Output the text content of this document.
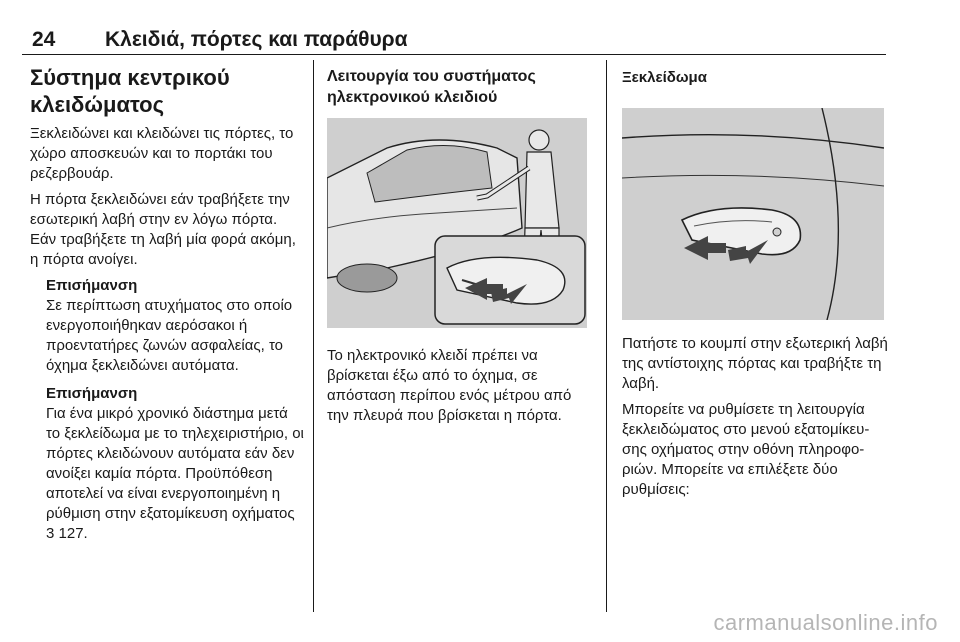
24 Κλειδιά, πόρτες και παράθυρα
Σύστημα κεντρικού κλειδώματος

Ξεκλειδώνει και κλειδώνει τις πόρτες, το χώρο αποσκευών και το πορτάκι του ρεζερβουάρ.

Η πόρτα ξεκλειδώνει εάν τραβήξετε την εσωτερική λαβή στην εν λόγω πόρτα. Εάν τραβήξετε τη λαβή μία φορά ακόμη, η πόρτα ανοίγει.

Επισήμανση

Σε περίπτωση ατυχήματος στο οποίο ενεργοποιήθηκαν αερόσακοι ή προεντατήρες ζωνών ασφαλείας, το όχημα ξεκλειδώνει αυτόματα.

Επισήμανση

Για ένα μικρό χρονικό διάστημα μετά το ξεκλείδωμα με το τηλεχειριστήριο, οι πόρτες κλειδώνουν αυτόματα εάν δεν ανοίξει καμία πόρτα. Προϋπόθεση αποτελεί να είναι ενεργοποιημένη η ρύθμιση στην εξατομίκευση οχήματος 3 127.

Λειτουργία του συστήματος ηλεκτρονικού κλειδιού

Το ηλεκτρονικό κλειδί πρέπει να βρίσκεται έξω από το όχημα, σε απόσταση περίπου ενός μέτρου από την πλευρά που βρίσκεται η πόρτα.

Ξεκλείδωμα

Πατήστε το κουμπί στην εξωτερική λαβή της αντίστοιχης πόρτας και τραβήξτε τη λαβή.

Μπορείτε να ρυθμίσετε τη λειτουργία ξεκλειδώματος στο μενού εξατομίκευσης οχήματος στην οθόνη πληροφοριών. Μπορείτε να επιλέξετε δύο ρυθμίσεις:

carmanualsonline.info
